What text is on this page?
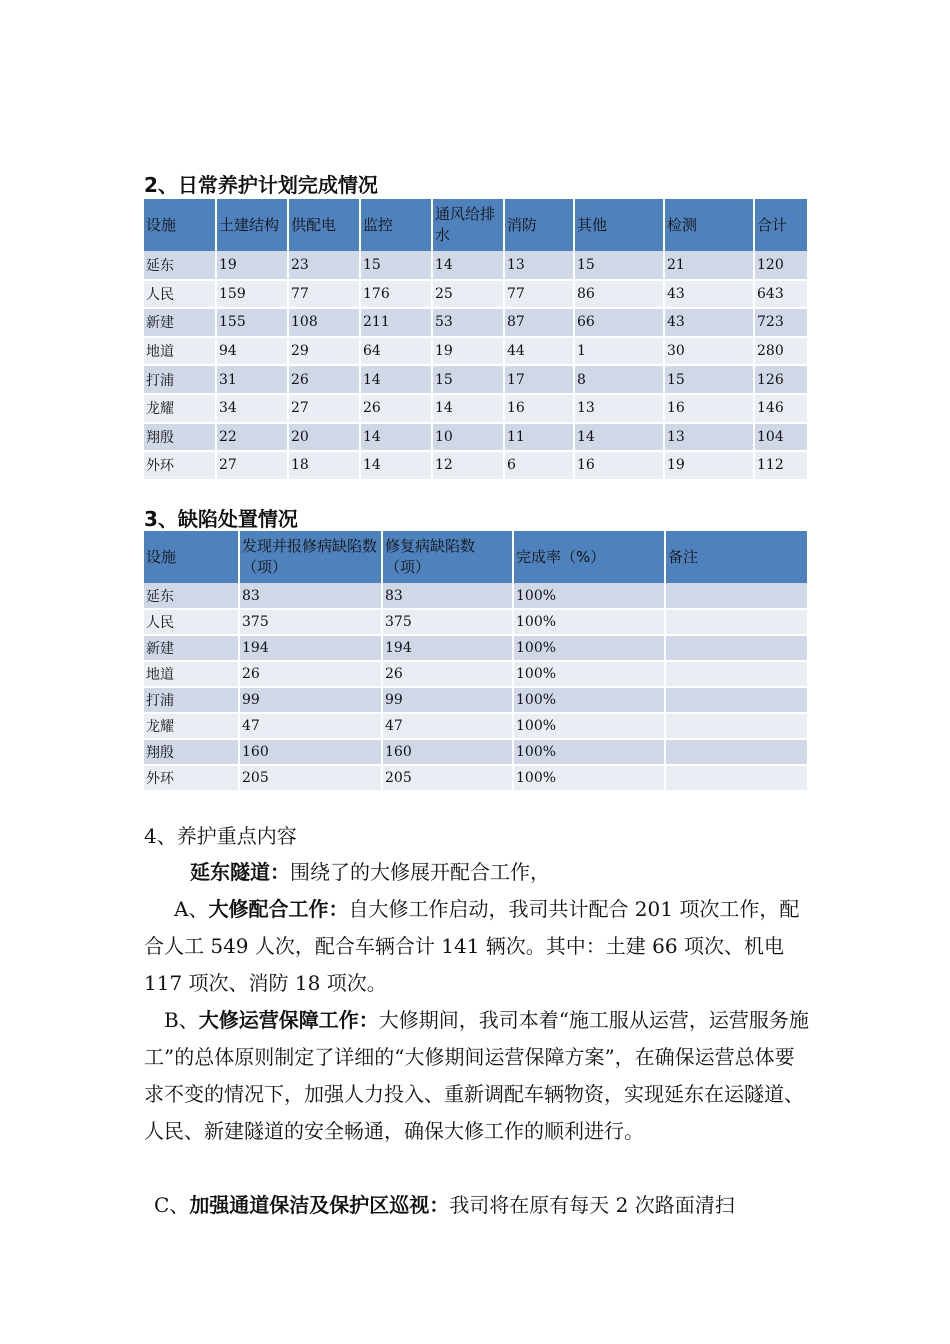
2、日常养护计划完成情况
设施	土建结构	供配电	监控	通风给排水	消防	其他	检测	合计
延东	19	23	15	14	13	15	21	120
人民	159	77	176	25	77	86	43	643
新建	155	108	211	53	87	66	43	723
地道	94	29	64	19	44	1	30	280
打浦	31	26	14	15	17	8	15	126
龙耀	34	27	26	14	16	13	16	146
翔殷	22	20	14	10	11	14	13	104
外环	27	18	14	12	6	16	19	112
3、缺陷处置情况
设施	发现并报修病缺陷数（项）	修复病缺陷数（项）	完成率（%）	备注
延东	83	83	100%	
人民	375	375	100%	
新建	194	194	100%	
地道	26	26	100%	
打浦	99	99	100%	
龙耀	47	47	100%	
翔殷	160	160	100%	
外环	205	205	100%	

4、养护重点内容

延东隧道：围绕了的大修展开配合工作，

A、大修配合工作：自大修工作启动，我司共计配合 201 项次工作，配合人工 549 人次，配合车辆合计 141 辆次。其中：土建 66 项次、机电 117 项次、消防 18 项次。

B、大修运营保障工作：大修期间，我司本着“施工服从运营，运营服务施工”的总体原则制定了详细的“大修期间运营保障方案”，在确保运营总体要求不变的情况下，加强人力投入、重新调配车辆物资，实现延东在运隧道、人民、新建隧道的安全畅通，确保大修工作的顺利进行。

C、加强通道保洁及保护区巡视：我司将在原有每天 2 次路面清扫
